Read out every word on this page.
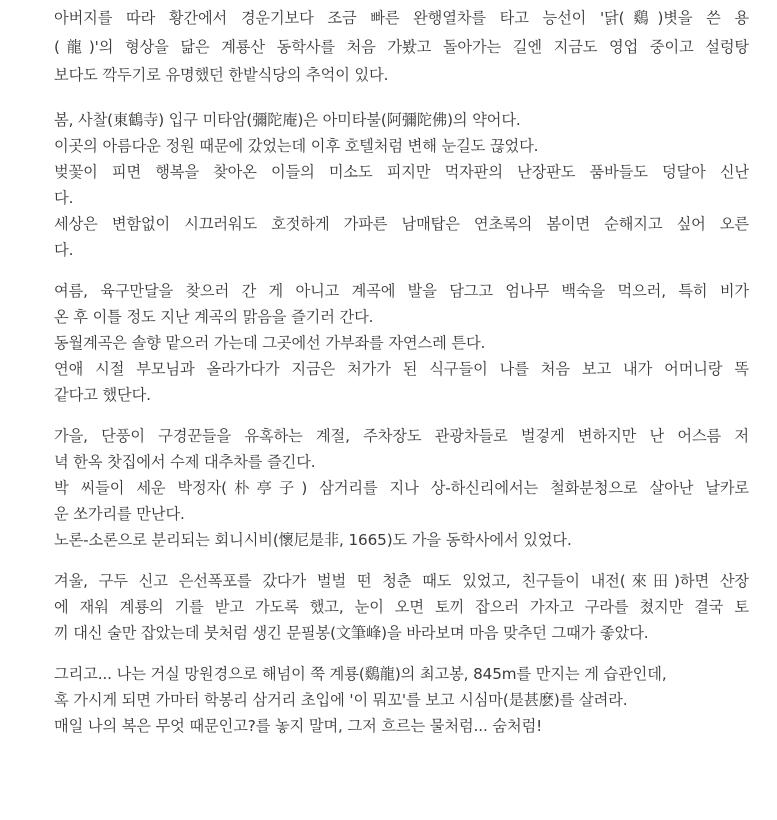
아버지를 따라 황간에서 경운기보다 조금 빠른 완행열차를 타고 능선이 '닭(鷄)볏을 쓴 용
(龍)'의 형상을 닮은 계룡산 동학사를 처음 가봤고 돌아가는 길엔 지금도 영업 중이고 설렁탕
보다도 깍두기로 유명했던 한밭식당의 추억이 있다.
봄, 사찰(東鶴寺) 입구 미타암(彌陀庵)은 아미타불(阿彌陀佛)의 약어다.
이곳의 아름다운 정원 때문에 갔었는데 이후 호텔처럼 변해 눈길도 끊었다.
벚꽃이 피면 행복을 찾아온 이들의 미소도 피지만 먹자판의 난장판도 품바들도 덩달아 신난
다.
세상은 변함없이 시끄러워도 호젓하게 가파른 남매탑은 연초록의 봄이면 순해지고 싶어 오른
다.
여름, 육구만달을 찾으러 간 게 아니고 계곡에 발을 담그고 엄나무 백숙을 먹으러, 특히 비가
온 후 이틀 정도 지난 계곡의 맑음을 즐기러 간다.
동월계곡은 솔향 맡으러 가는데 그곳에선 가부좌를 자연스레 튼다.
연애 시절 부모님과 올라가다가 지금은 처가가 된 식구들이 나를 처음 보고 내가 어머니랑 똑
같다고 했단다.
가을, 단풍이 구경꾼들을 유혹하는 계절, 주차장도 관광차들로 벌겋게 변하지만 난 어스름 저
녁 한옥 찻집에서 수제 대추차를 즐긴다.
박 씨들이 세운 박정자(朴亭子) 삼거리를 지나 상-하신리에서는 철화분청으로 살아난 날카로
운 쏘가리를 만난다.
노론-소론으로 분리되는 회니시비(懷尼是非, 1665)도 가을 동학사에서 있었다.
겨울, 구두 신고 은선폭포를 갔다가 벌벌 떤 청춘 때도 있었고, 친구들이 내전(來田)하면 산장
에 재워 계룡의 기를 받고 가도록 했고, 눈이 오면 토끼 잡으러 가자고 구라를 쳤지만 결국 토
끼 대신 술만 잡았는데 붓처럼 생긴 문필봉(文筆峰)을 바라보며 마음 맞추던 그때가 좋았다.
그리고... 나는 거실 망원경으로 해넘이 쭉 계룡(鷄龍)의 최고봉, 845m를 만지는 게 습관인데,
혹 가시게 되면 가마터 학봉리 삼거리 초입에 '이 뭐꼬'를 보고 시심마(是甚麽)를 살려라.
매일 나의 복은 무엇 때문인고?를 놓지 말며, 그저 흐르는 물처럼... 숨처럼!
